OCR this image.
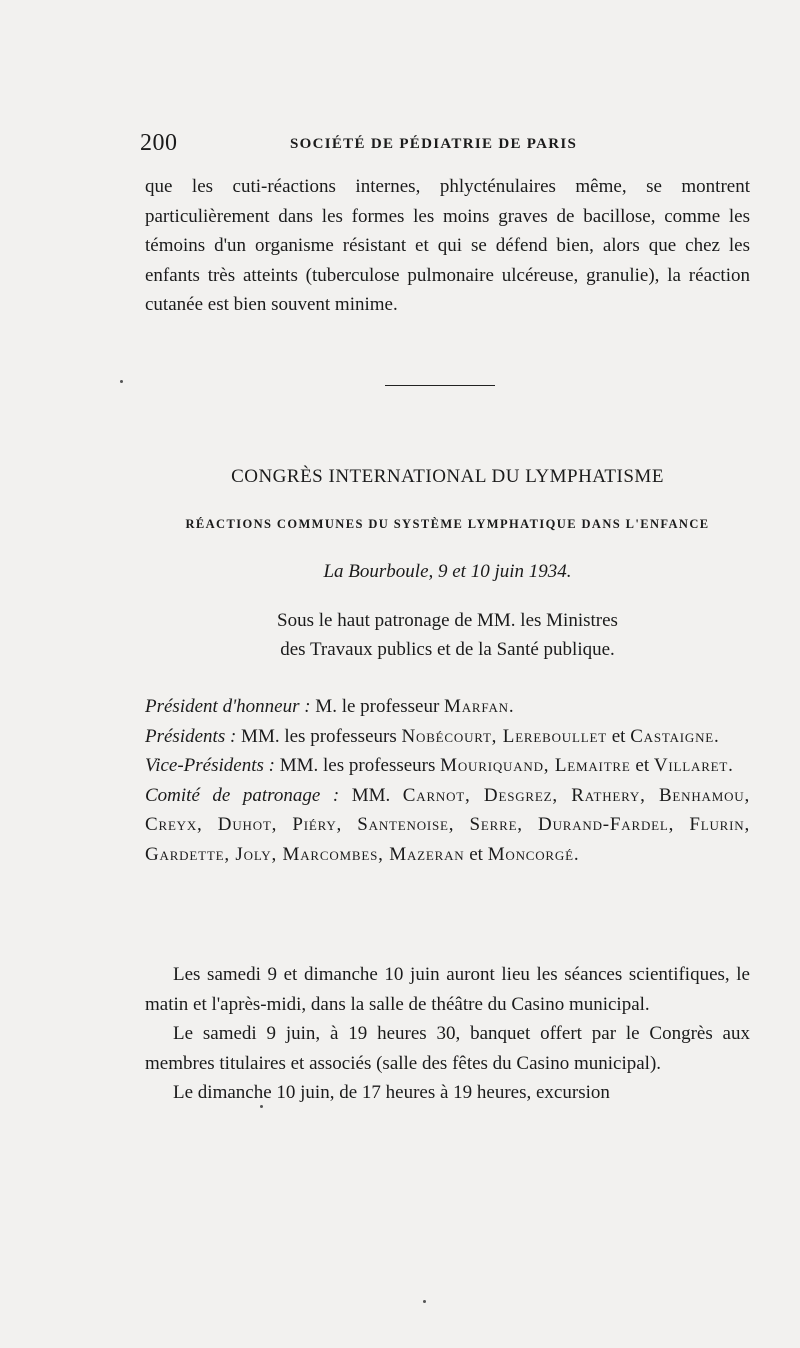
200	SOCIÉTÉ DE PÉDIATRIE DE PARIS

que les cuti-réactions internes, phlycténulaires même, se montrent particulièrement dans les formes les moins graves de bacillose, comme les témoins d'un organisme résistant et qui se défend bien, alors que chez les enfants très atteints (tuberculose pulmonaire ulcéreuse, granulie), la réaction cutanée est bien souvent minime.

CONGRÈS INTERNATIONAL DU LYMPHATISME
RÉACTIONS COMMUNES DU SYSTÈME LYMPHATIQUE DANS L'ENFANCE
La Bourboule, 9 et 10 juin 1934.
Sous le haut patronage de MM. les Ministres
des Travaux publics et de la Santé publique.

Président d'honneur : M. le professeur Marfan.

Présidents : MM. les professeurs Nobécourt, Lereboullet et Castaigne.

Vice-Présidents : MM. les professeurs Mouriquand, Lemaitre et Villaret.

Comité de patronage : MM. Carnot, Desgrez, Rathery, Benhamou, Creyx, Duhot, Piéry, Santenoise, Serre, Durand-Fardel, Flurin, Gardette, Joly, Marcombes, Mazeran et Moncorgé.

Les samedi 9 et dimanche 10 juin auront lieu les séances scientifiques, le matin et l'après-midi, dans la salle de théâtre du Casino municipal.
Le samedi 9 juin, à 19 heures 30, banquet offert par le Congrès aux membres titulaires et associés (salle des fêtes du Casino municipal).
Le dimanche 10 juin, de 17 heures à 19 heures, excursion
